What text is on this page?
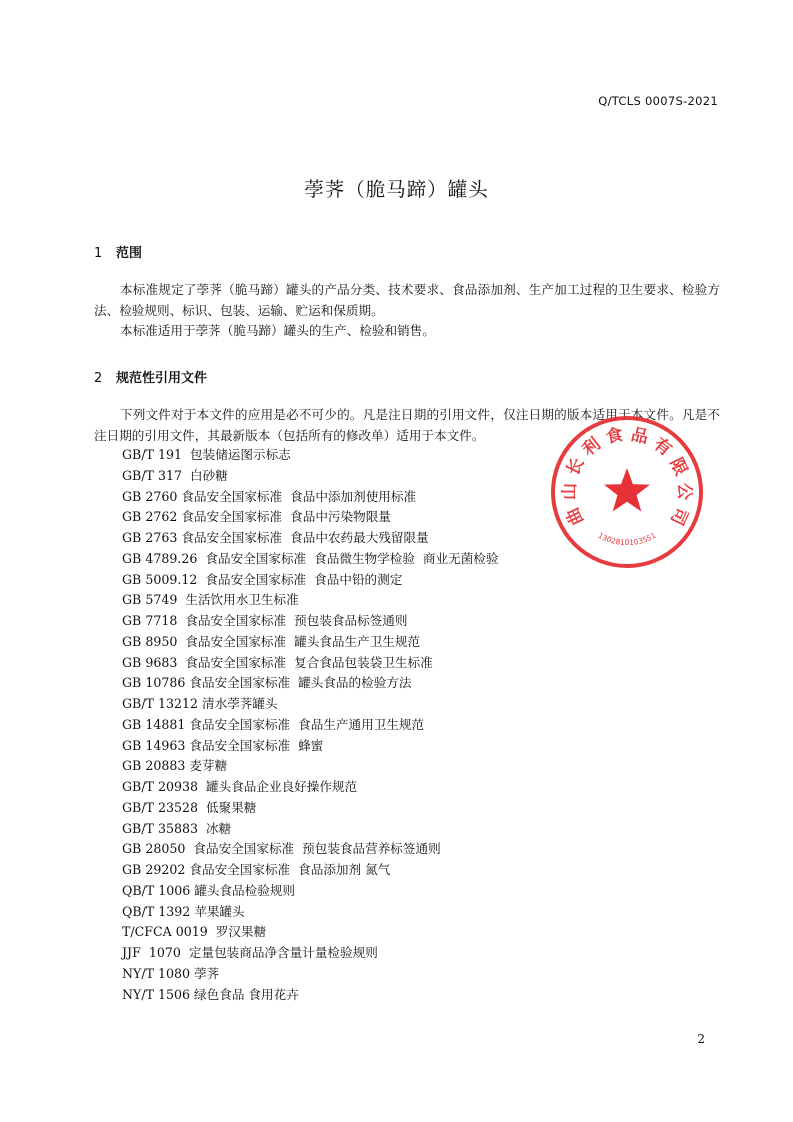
Q/TCLS 0007S-2021
荸荠（脆马蹄）罐头
1 范围

本标准规定了荸荠（脆马蹄）罐头的产品分类、技术要求、食品添加剂、生产加工过程的卫生要求、检验方法、检验规则、标识、包装、运输、贮运和保质期。

本标准适用于荸荠（脆马蹄）罐头的生产、检验和销售。

2 规范性引用文件

下列文件对于本文件的应用是必不可少的。凡是注日期的引用文件，仅注日期的版本适用于本文件。凡是不注日期的引用文件，其最新版本（包括所有的修改单）适用于本文件。

GB/T 191  包装储运图示标志
GB/T 317  白砂糖
GB 2760 食品安全国家标准  食品中添加剂使用标准
GB 2762 食品安全国家标准  食品中污染物限量
GB 2763 食品安全国家标准  食品中农药最大残留限量
GB 4789.26  食品安全国家标准  食品微生物学检验  商业无菌检验
GB 5009.12  食品安全国家标准  食品中铅的测定
GB 5749  生活饮用水卫生标准
GB 7718  食品安全国家标准  预包装食品标签通则
GB 8950  食品安全国家标准  罐头食品生产卫生规范
GB 9683  食品安全国家标准  复合食品包装袋卫生标准
GB 10786 食品安全国家标准  罐头食品的检验方法
GB/T 13212 清水荸荠罐头
GB 14881 食品安全国家标准  食品生产通用卫生规范
GB 14963 食品安全国家标准  蜂蜜
GB 20883 麦芽糖
GB/T 20938  罐头食品企业良好操作规范
GB/T 23528  低聚果糖
GB/T 35883  冰糖
GB 28050  食品安全国家标准  预包装食品营养标签通则
GB 29202 食品安全国家标准  食品添加剂 氮气
QB/T 1006 罐头食品检验规则
QB/T 1392 苹果罐头
T/CFCA 0019  罗汉果糖
JJF  1070  定量包装商品净含量计量检验规则
NY/T 1080 荸荠
NY/T 1506 绿色食品 食用花卉
曲
山
长
利 食 品 有
限
公
司
1302810103551
2
